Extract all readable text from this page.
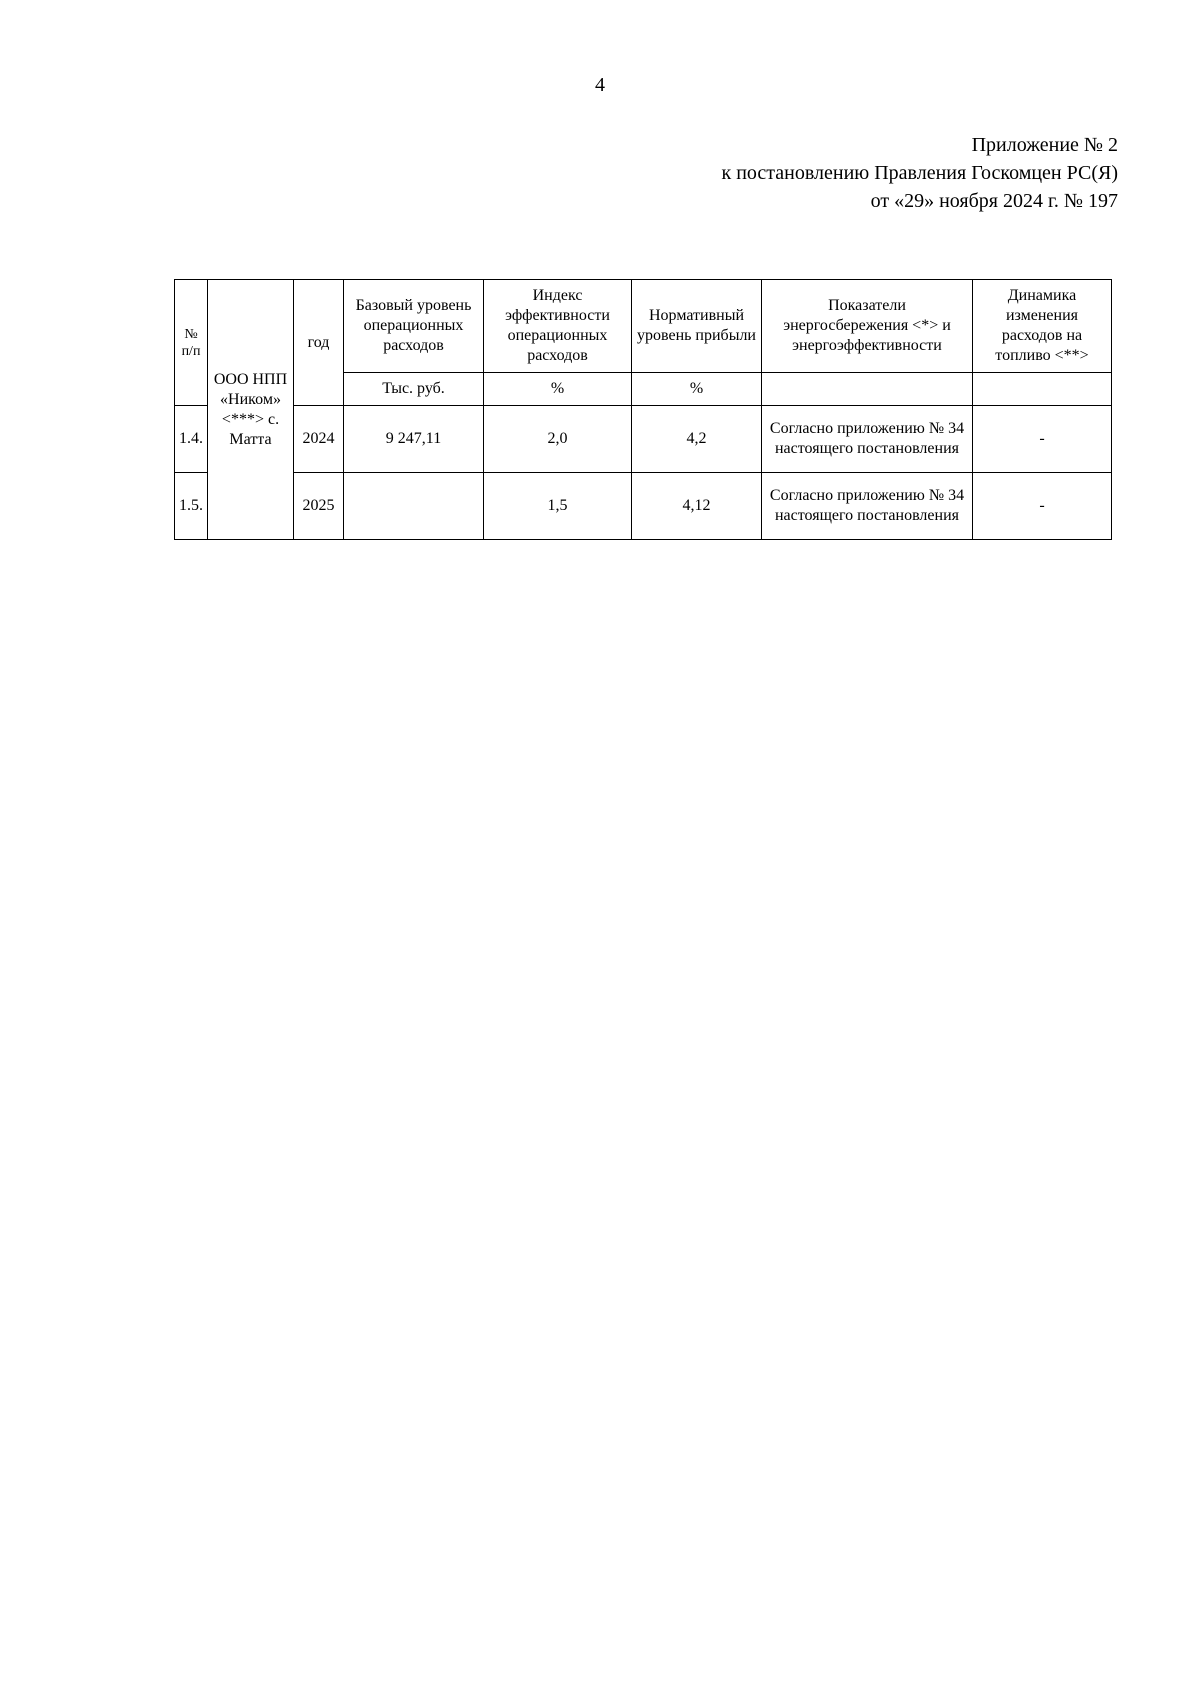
4
Приложение № 2
к постановлению Правления Госкомцен РС(Я)
от «29» ноября 2024 г. № 197
№ п/п	ООО НПП «Ником» <***> с. Матта	год	Базовый уровень операционных расходов	Индекс эффективности операционных расходов	Нормативный уровень прибыли	Показатели энергосбережения <*> и энергоэффективности	Динамика изменения расходов на топливо <**>
			Тыс. руб.	%	%		
1.4.		2024	9 247,11	2,0	4,2	Согласно приложению № 34 настоящего постановления	-
1.5.		2025		1,5	4,12	Согласно приложению № 34 настоящего постановления	-
